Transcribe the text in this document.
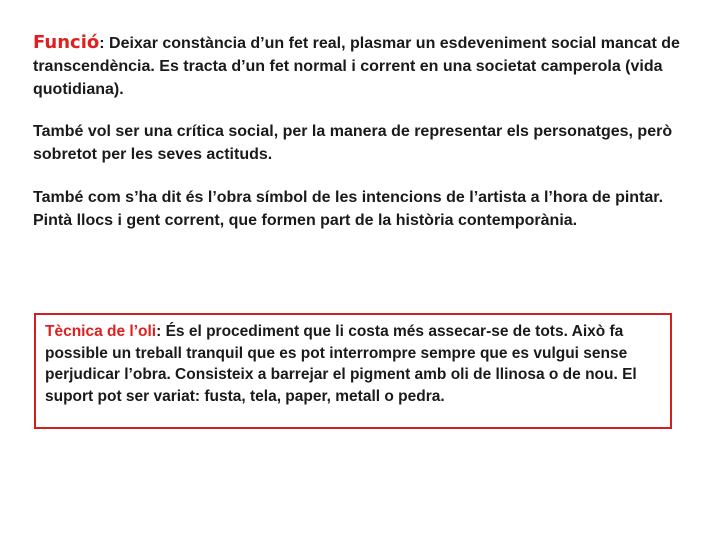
Funció: Deixar constància d’un fet real, plasmar un esdeveniment social mancat de transcendència. Es tracta d’un fet normal i corrent en una societat camperola (vida quotidiana).

També vol ser una crítica social, per la manera de representar els personatges, però sobretot per les seves actituds.

També com s’ha dit és l’obra símbol de les intencions de l’artista a l’hora de pintar. Pintà llocs i gent corrent, que formen part de la història contemporània.

Tècnica de l’oli: És el procediment que li costa més assecar-se de tots. Això fa possible un treball tranquil que es pot interrompre sempre que es vulgui sense perjudicar l’obra. Consisteix a barrejar el pigment amb oli de llinosa o de nou. El suport pot ser variat: fusta, tela, paper, metall o pedra.
